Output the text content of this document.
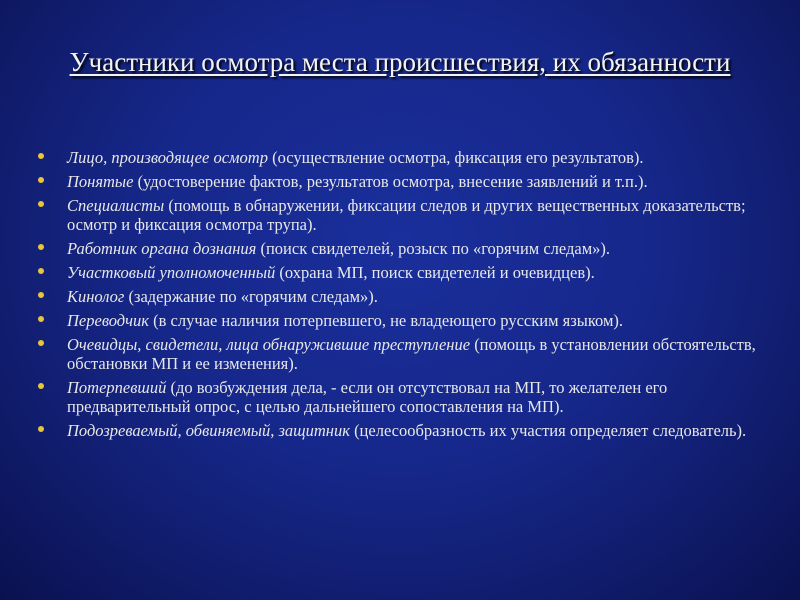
Участники осмотра места происшествия, их обязанности
Лицо, производящее осмотр (осуществление осмотра, фиксация его результатов).
Понятые (удостоверение фактов, результатов осмотра, внесение заявлений и т.п.).
Специалисты (помощь в обнаружении, фиксации следов и других вещественных доказательств; осмотр и фиксация осмотра трупа).
Работник органа дознания (поиск свидетелей, розыск по «горячим следам»).
Участковый уполномоченный (охрана МП, поиск свидетелей и очевидцев).
Кинолог (задержание по «горячим следам»).
Переводчик (в случае наличия потерпевшего, не владеющего русским языком).
Очевидцы, свидетели, лица обнаружившие преступление (помощь в установлении обстоятельств, обстановки МП и ее изменения).
Потерпевший (до возбуждения дела, - если он отсутствовал на МП, то желателен его предварительный опрос, с целью дальнейшего сопоставления на МП).
Подозреваемый, обвиняемый, защитник (целесообразность их участия определяет следователь).
